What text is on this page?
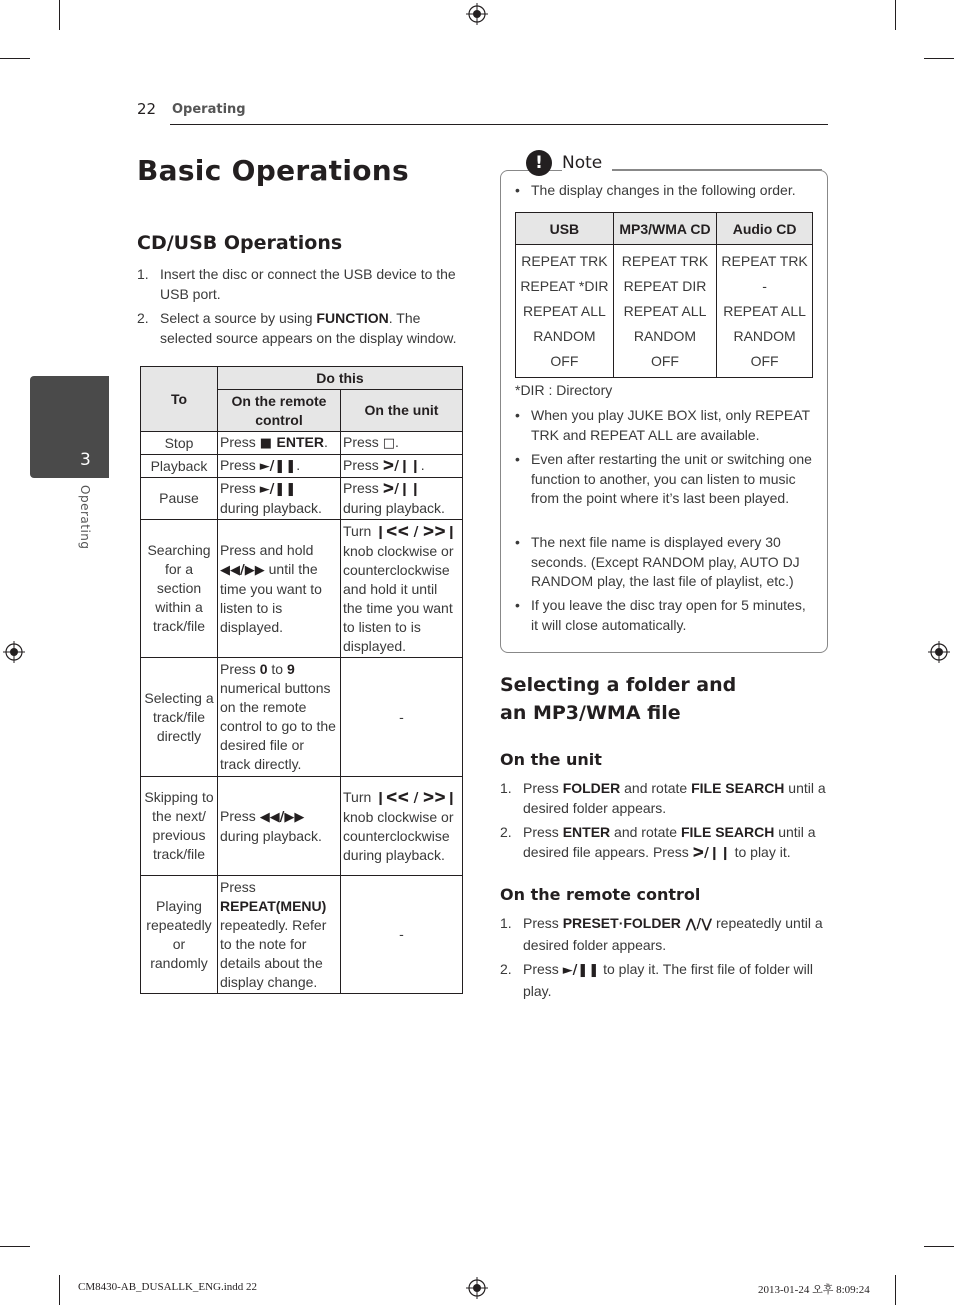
22 Operating
3
Operating
Basic Operations
CD/USB Operations
1. Insert the disc or connect the USB device to the USB port.
2. Select a source by using FUNCTION. The selected source appears on the display window.
To	Do this	
	On the remote control	On the unit
Stop	Press ■ ENTER.	Press □.
Playback	Press ►/❚❚.	Press ᐳ/❙❙.
Pause	Press ►/❚❚ during playback.	Press ᐳ/❙❙ during playback.
Searching for a section within a track/file	Press and hold ◀◀/▶▶ until the time you want to listen to is displayed.	Turn ❙ᐸᐸ / ᐳᐳ❙ knob clockwise or counterclockwise and hold it until the time you want to listen to is displayed.
Selecting a track/file directly	Press 0 to 9 numerical buttons on the remote control to go to the desired file or track directly.	-
Skipping to the next/ previous track/file	Press ◀◀/▶▶ during playback.	Turn ❙ᐸᐸ / ᐳᐳ❙ knob clockwise or counterclockwise during playback.
Playing repeatedly or randomly	Press REPEAT(MENU) repeatedly. Refer to the note for details about the display change.	-
!	Note
• The display changes in the following order.
USB	MP3/WMA CD	Audio CD
REPEAT TRK	REPEAT TRK	REPEAT TRK
REPEAT *DIR	REPEAT DIR	-
REPEAT ALL	REPEAT ALL	REPEAT ALL
RANDOM	RANDOM	RANDOM
OFF	OFF	OFF
*DIR : Directory
• When you play JUKE BOX list, only REPEAT TRK and REPEAT ALL are available.
• Even after restarting the unit or switching one function to another, you can listen to music from the point where it’s last been played.
• The next file name is displayed every 30 seconds. (Except RANDOM play, AUTO DJ RANDOM play, the last file of playlist, etc.)
• If you leave the disc tray open for 5 minutes, it will close automatically.
Selecting a folder and
an MP3/WMA file
On the unit
1. Press FOLDER and rotate FILE SEARCH until a desired folder appears.
2. Press ENTER and rotate FILE SEARCH until a desired file appears. Press ᐳ/❙❙ to play it.
On the remote control
1. Press PRESET·FOLDER ⋀/⋁ repeatedly until a desired folder appears.
2. Press ►/❚❚ to play it. The first file of folder will play.
CM8430-AB_DUSALLK_ENG.indd 22	2013-01-24 오후 8:09:24
